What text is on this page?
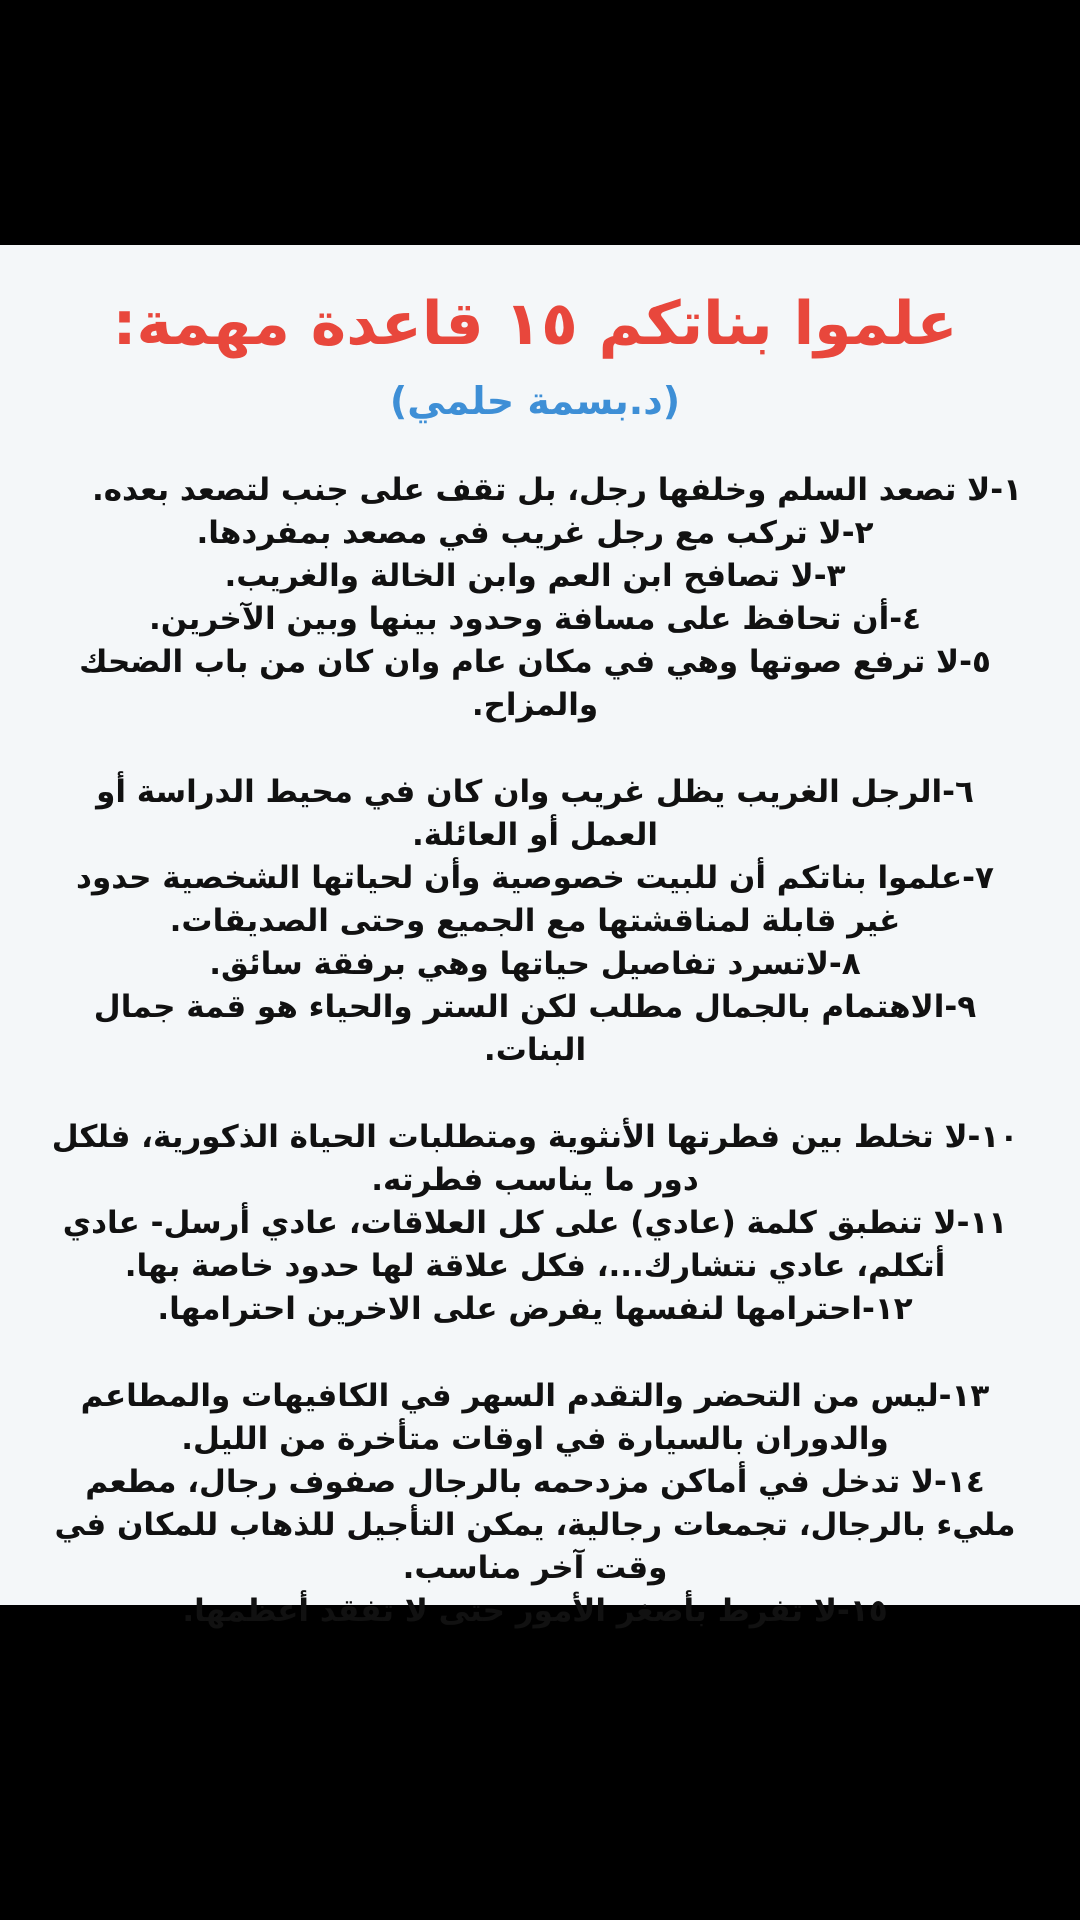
علموا بناتكم ١٥ قاعدة مهمة:
(د.بسمة حلمي)
١-لا تصعد السلم وخلفها رجل، بل تقف على جنب لتصعد بعده.
٢-لا تركب مع رجل غريب في مصعد بمفردها.
٣-لا تصافح ابن العم وابن الخالة والغريب.
٤-أن تحافظ على مسافة وحدود بينها وبين الآخرين.
٥-لا ترفع صوتها وهي في مكان عام وان كان من باب الضحك والمزاح.
٦-الرجل الغريب يظل غريب وان كان في محيط الدراسة أو العمل أو العائلة.
٧-علموا بناتكم أن للبيت خصوصية وأن لحياتها الشخصية حدود غير قابلة لمناقشتها مع الجميع وحتى الصديقات.
٨-لاتسرد تفاصيل حياتها وهي برفقة سائق.
٩-الاهتمام بالجمال مطلب لكن الستر والحياء هو قمة جمال البنات.
١٠-لا تخلط بين فطرتها الأنثوية ومتطلبات الحياة الذكورية، فلكل دور ما يناسب فطرته.
١١-لا تنطبق كلمة (عادي) على كل العلاقات، عادي أرسل- عادي أتكلم، عادي نتشارك...، فكل علاقة لها حدود خاصة بها.
١٢-احترامها لنفسها يفرض على الاخرين احترامها.
١٣-ليس من التحضر والتقدم السهر في الكافيهات والمطاعم والدوران بالسيارة في اوقات متأخرة من الليل.
١٤-لا تدخل في أماكن مزدحمه بالرجال صفوف رجال، مطعم مليء بالرجال، تجمعات رجالية، يمكن التأجيل للذهاب للمكان في وقت آخر مناسب.
١٥-لا تفرط بأصغر الأمور حتى لا تفقد أعظمها.
